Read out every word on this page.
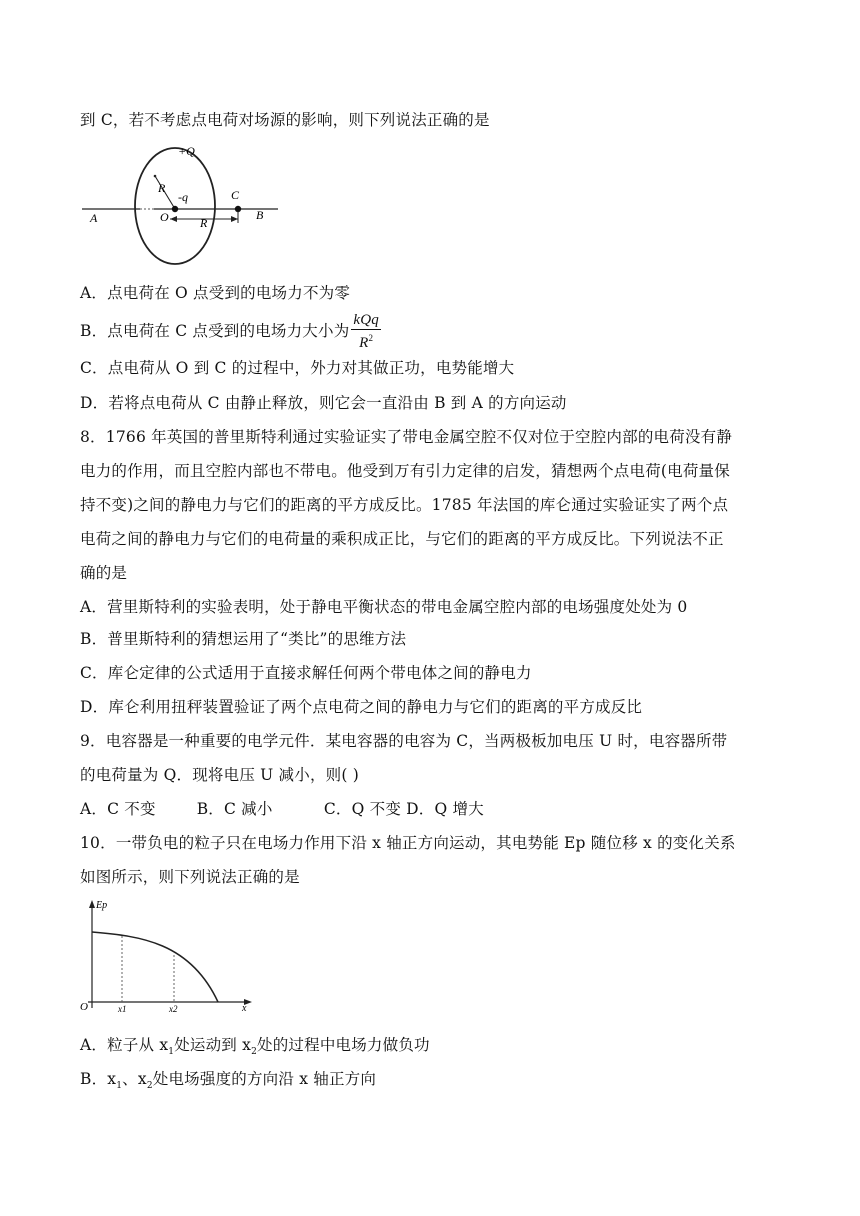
到 C，若不考虑点电荷对场源的影响，则下列说法正确的是
+Q
R
-q
O
C
R
A	B
A．点电荷在 O 点受到的电场力不为零
B．点电荷在 C 点受到的电场力大小为 $\frac{\text{kQq}}{R^2}$
C．点电荷从 O 到 C 的过程中，外力对其做正功，电势能增大
D．若将点电荷从 C 由静止释放，则它会一直沿由 B 到 A 的方向运动
8．1766 年英国的普里斯特利通过实验证实了带电金属空腔不仅对位于空腔内部的电荷没有静
电力的作用，而且空腔内部也不带电。他受到万有引力定律的启发，猜想两个点电荷(电荷量保
持不变)之间的静电力与它们的距离的平方成反比。1785 年法国的库仑通过实验证实了两个点
电荷之间的静电力与它们的电荷量的乘积成正比，与它们的距离的平方成反比。下列说法不正
确的是
A．营里斯特利的实验表明，处于静电平衡状态的带电金属空腔内部的电场强度处处为 0
B．普里斯特利的猜想运用了“类比”的思维方法
C．库仑定律的公式适用于直接求解任何两个带电体之间的静电力
D．库仑利用扭秤装置验证了两个点电荷之间的静电力与它们的距离的平方成反比
9．电容器是一种重要的电学元件．某电容器的电容为 C，当两极板加电压 U 时，电容器所带
的电荷量为 Q．现将电压 U 减小，则( )
A．C 不变        B．C 减小          C．Q 不变 D．Q 增大
10．一带负电的粒子只在电场力作用下沿 x 轴正方向运动，其电势能 Ep 随位移 x 的变化关系
如图所示，则下列说法正确的是
Ep
O	x1	x2	x
A．粒子从 $x_1$处运动到 $x_2$处的过程中电场力做负功
B．$x_1$、$x_2$处电场强度的方向沿 x 轴正方向
